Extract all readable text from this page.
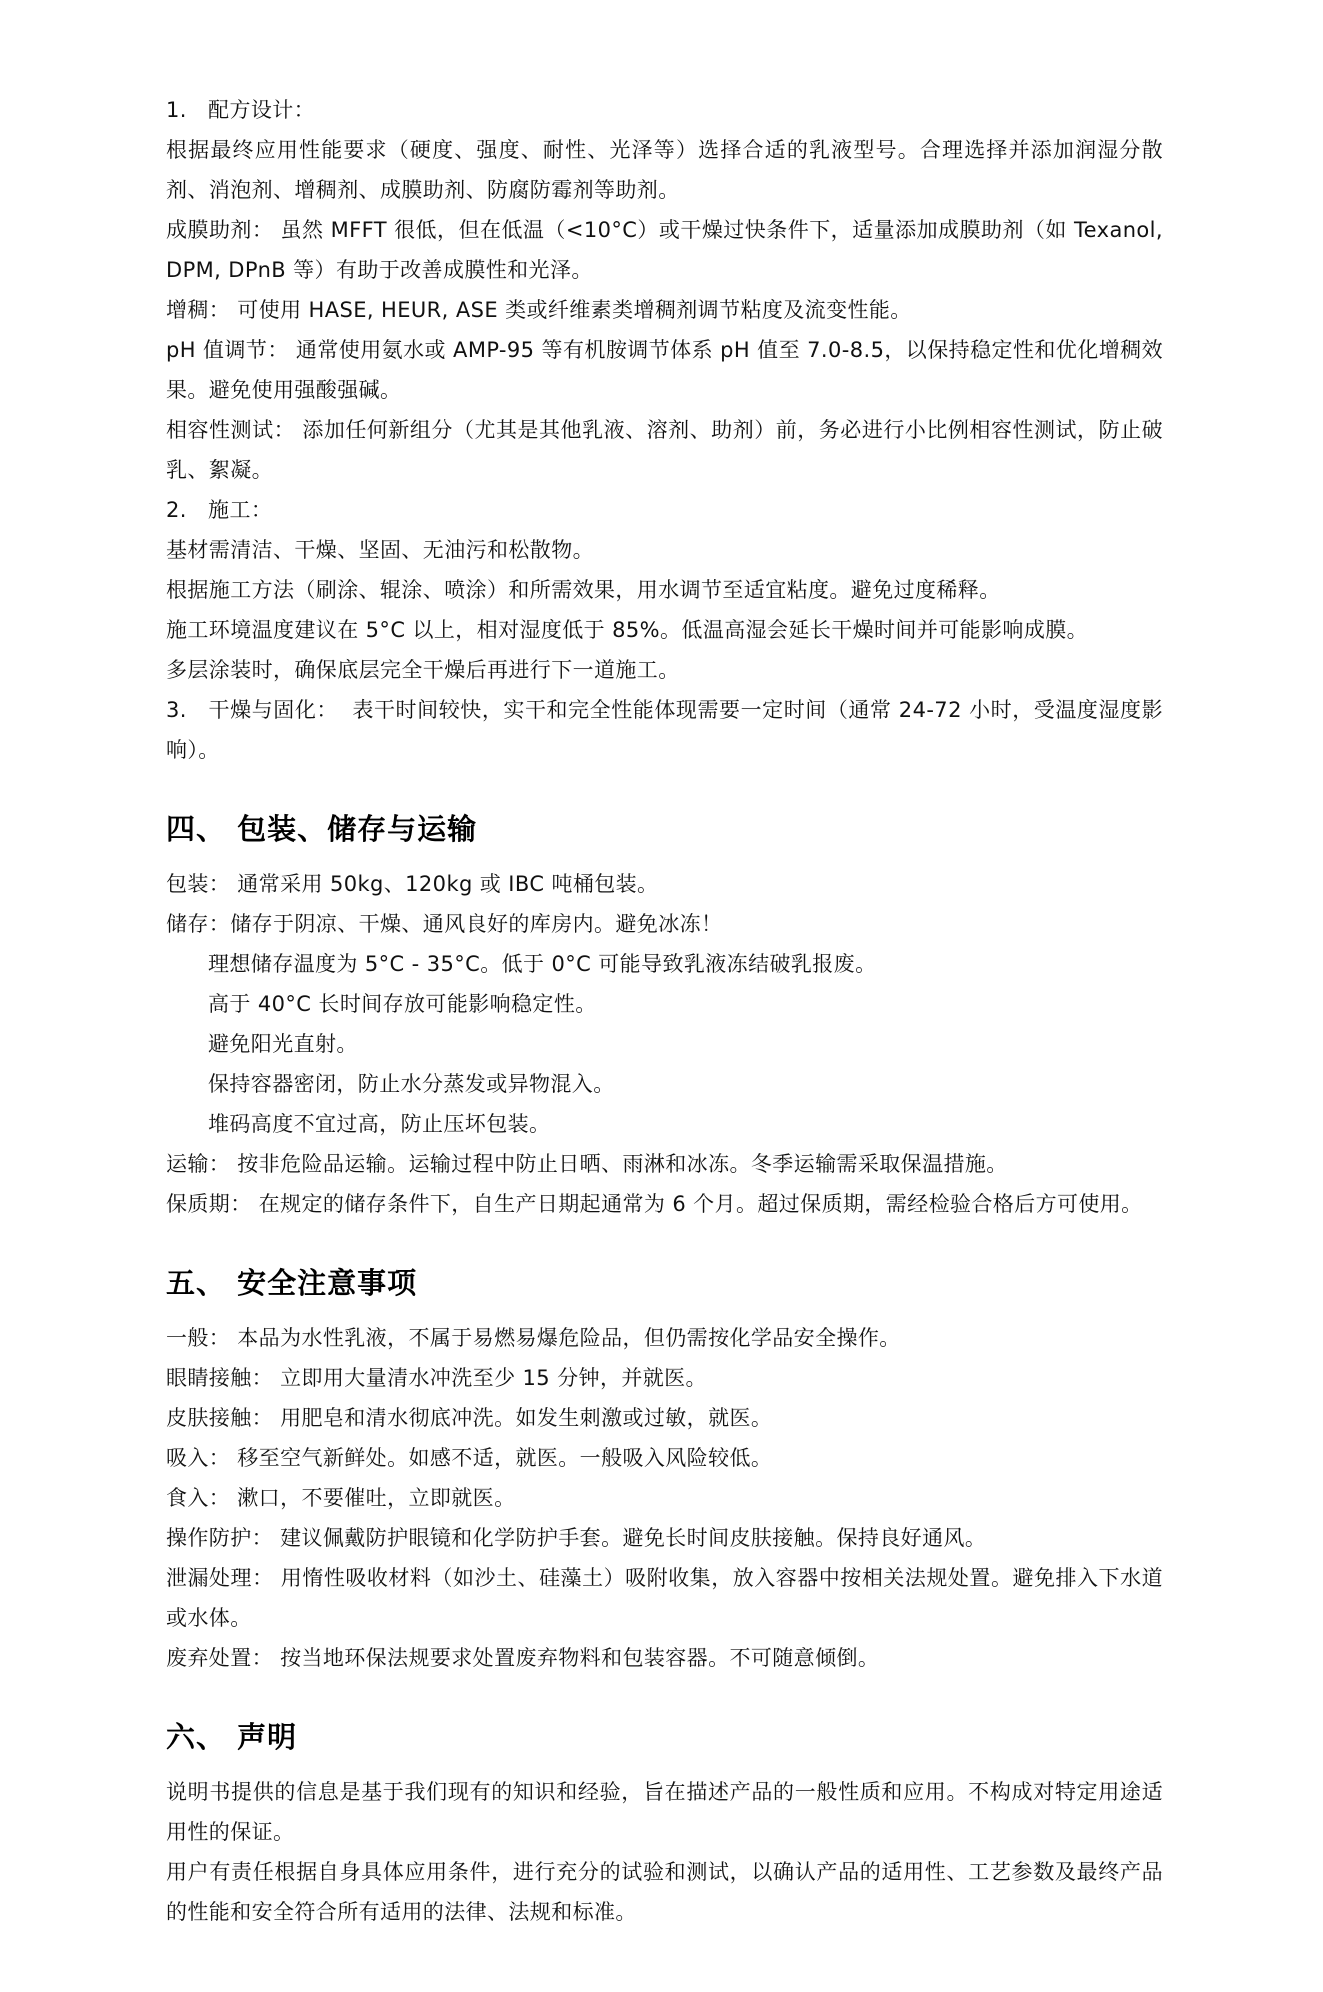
1.   配方设计：

根据最终应用性能要求（硬度、强度、耐性、光泽等）选择合适的乳液型号。合理选择并添加润湿分散剂、消泡剂、增稠剂、成膜助剂、防腐防霉剂等助剂。

成膜助剂： 虽然 MFFT 很低，但在低温（<10°C）或干燥过快条件下，适量添加成膜助剂（如 Texanol, DPM, DPnB 等）有助于改善成膜性和光泽。

增稠： 可使用 HASE, HEUR, ASE 类或纤维素类增稠剂调节粘度及流变性能。

pH 值调节： 通常使用氨水或 AMP-95 等有机胺调节体系 pH 值至 7.0-8.5，以保持稳定性和优化增稠效果。避免使用强酸强碱。

相容性测试： 添加任何新组分（尤其是其他乳液、溶剂、助剂）前，务必进行小比例相容性测试，防止破乳、絮凝。

2.   施工：

基材需清洁、干燥、坚固、无油污和松散物。

根据施工方法（刷涂、辊涂、喷涂）和所需效果，用水调节至适宜粘度。避免过度稀释。

施工环境温度建议在 5°C 以上，相对湿度低于 85%。低温高湿会延长干燥时间并可能影响成膜。

多层涂装时，确保底层完全干燥后再进行下一道施工。

3.   干燥与固化：  表干时间较快，实干和完全性能体现需要一定时间（通常 24-72 小时，受温度湿度影响）。

四、 包装、储存与运输

包装： 通常采用 50kg、120kg 或 IBC 吨桶包装。

储存：储存于阴凉、干燥、通风良好的库房内。避免冰冻！

理想储存温度为 5°C - 35°C。低于 0°C 可能导致乳液冻结破乳报废。

高于 40°C 长时间存放可能影响稳定性。

避免阳光直射。

保持容器密闭，防止水分蒸发或异物混入。

堆码高度不宜过高，防止压坏包装。

运输： 按非危险品运输。运输过程中防止日晒、雨淋和冰冻。冬季运输需采取保温措施。

保质期： 在规定的储存条件下，自生产日期起通常为 6 个月。超过保质期，需经检验合格后方可使用。

五、 安全注意事项

一般： 本品为水性乳液，不属于易燃易爆危险品，但仍需按化学品安全操作。

眼睛接触： 立即用大量清水冲洗至少 15 分钟，并就医。

皮肤接触： 用肥皂和清水彻底冲洗。如发生刺激或过敏，就医。

吸入： 移至空气新鲜处。如感不适，就医。一般吸入风险较低。

食入： 漱口，不要催吐，立即就医。

操作防护： 建议佩戴防护眼镜和化学防护手套。避免长时间皮肤接触。保持良好通风。

泄漏处理： 用惰性吸收材料（如沙土、硅藻土）吸附收集，放入容器中按相关法规处置。避免排入下水道或水体。

废弃处置： 按当地环保法规要求处置废弃物料和包装容器。不可随意倾倒。

六、 声明

说明书提供的信息是基于我们现有的知识和经验，旨在描述产品的一般性质和应用。不构成对特定用途适用性的保证。

用户有责任根据自身具体应用条件，进行充分的试验和测试，以确认产品的适用性、工艺参数及最终产品的性能和安全符合所有适用的法律、法规和标准。
